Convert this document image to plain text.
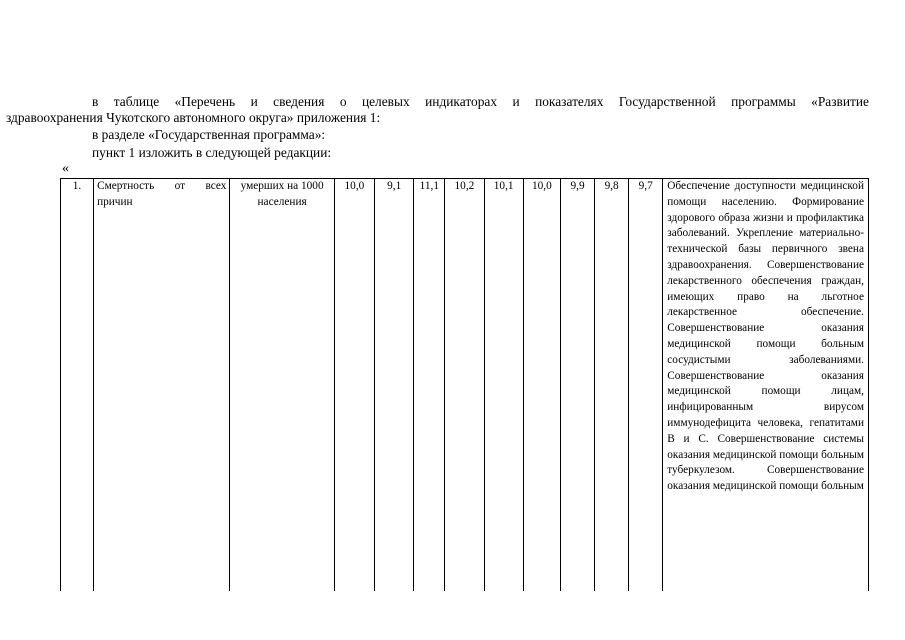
в таблице «Перечень и сведения о целевых индикаторах и показателях Государственной программы «Развитие
здравоохранения Чукотского автономного округа» приложения 1:
в разделе «Государственная программа»:
пункт 1 изложить в следующей редакции:
«
1.	Смертность от всех причин	умерших на 1000 населения	10,0	9,1	11,1	10,2	10,1	10,0	9,9	9,8	9,7	Обеспечение доступности медицинской помощи населению. Формирование здорового образа жизни и профилактика заболеваний. Укрепление материально-технической базы первичного звена здравоохранения. Совершенствование лекарственного обеспечения граждан, имеющих право на льготное лекарственное обеспечение. Совершенствование оказания медицинской помощи больным сосудистыми заболеваниями. Совершенствование оказания медицинской помощи лицам, инфицированным вирусом иммунодефицита человека, гепатитами В и С. Совершенствование системы оказания медицинской помощи больным туберкулезом. Совершенствование оказания медицинской помощи больным
